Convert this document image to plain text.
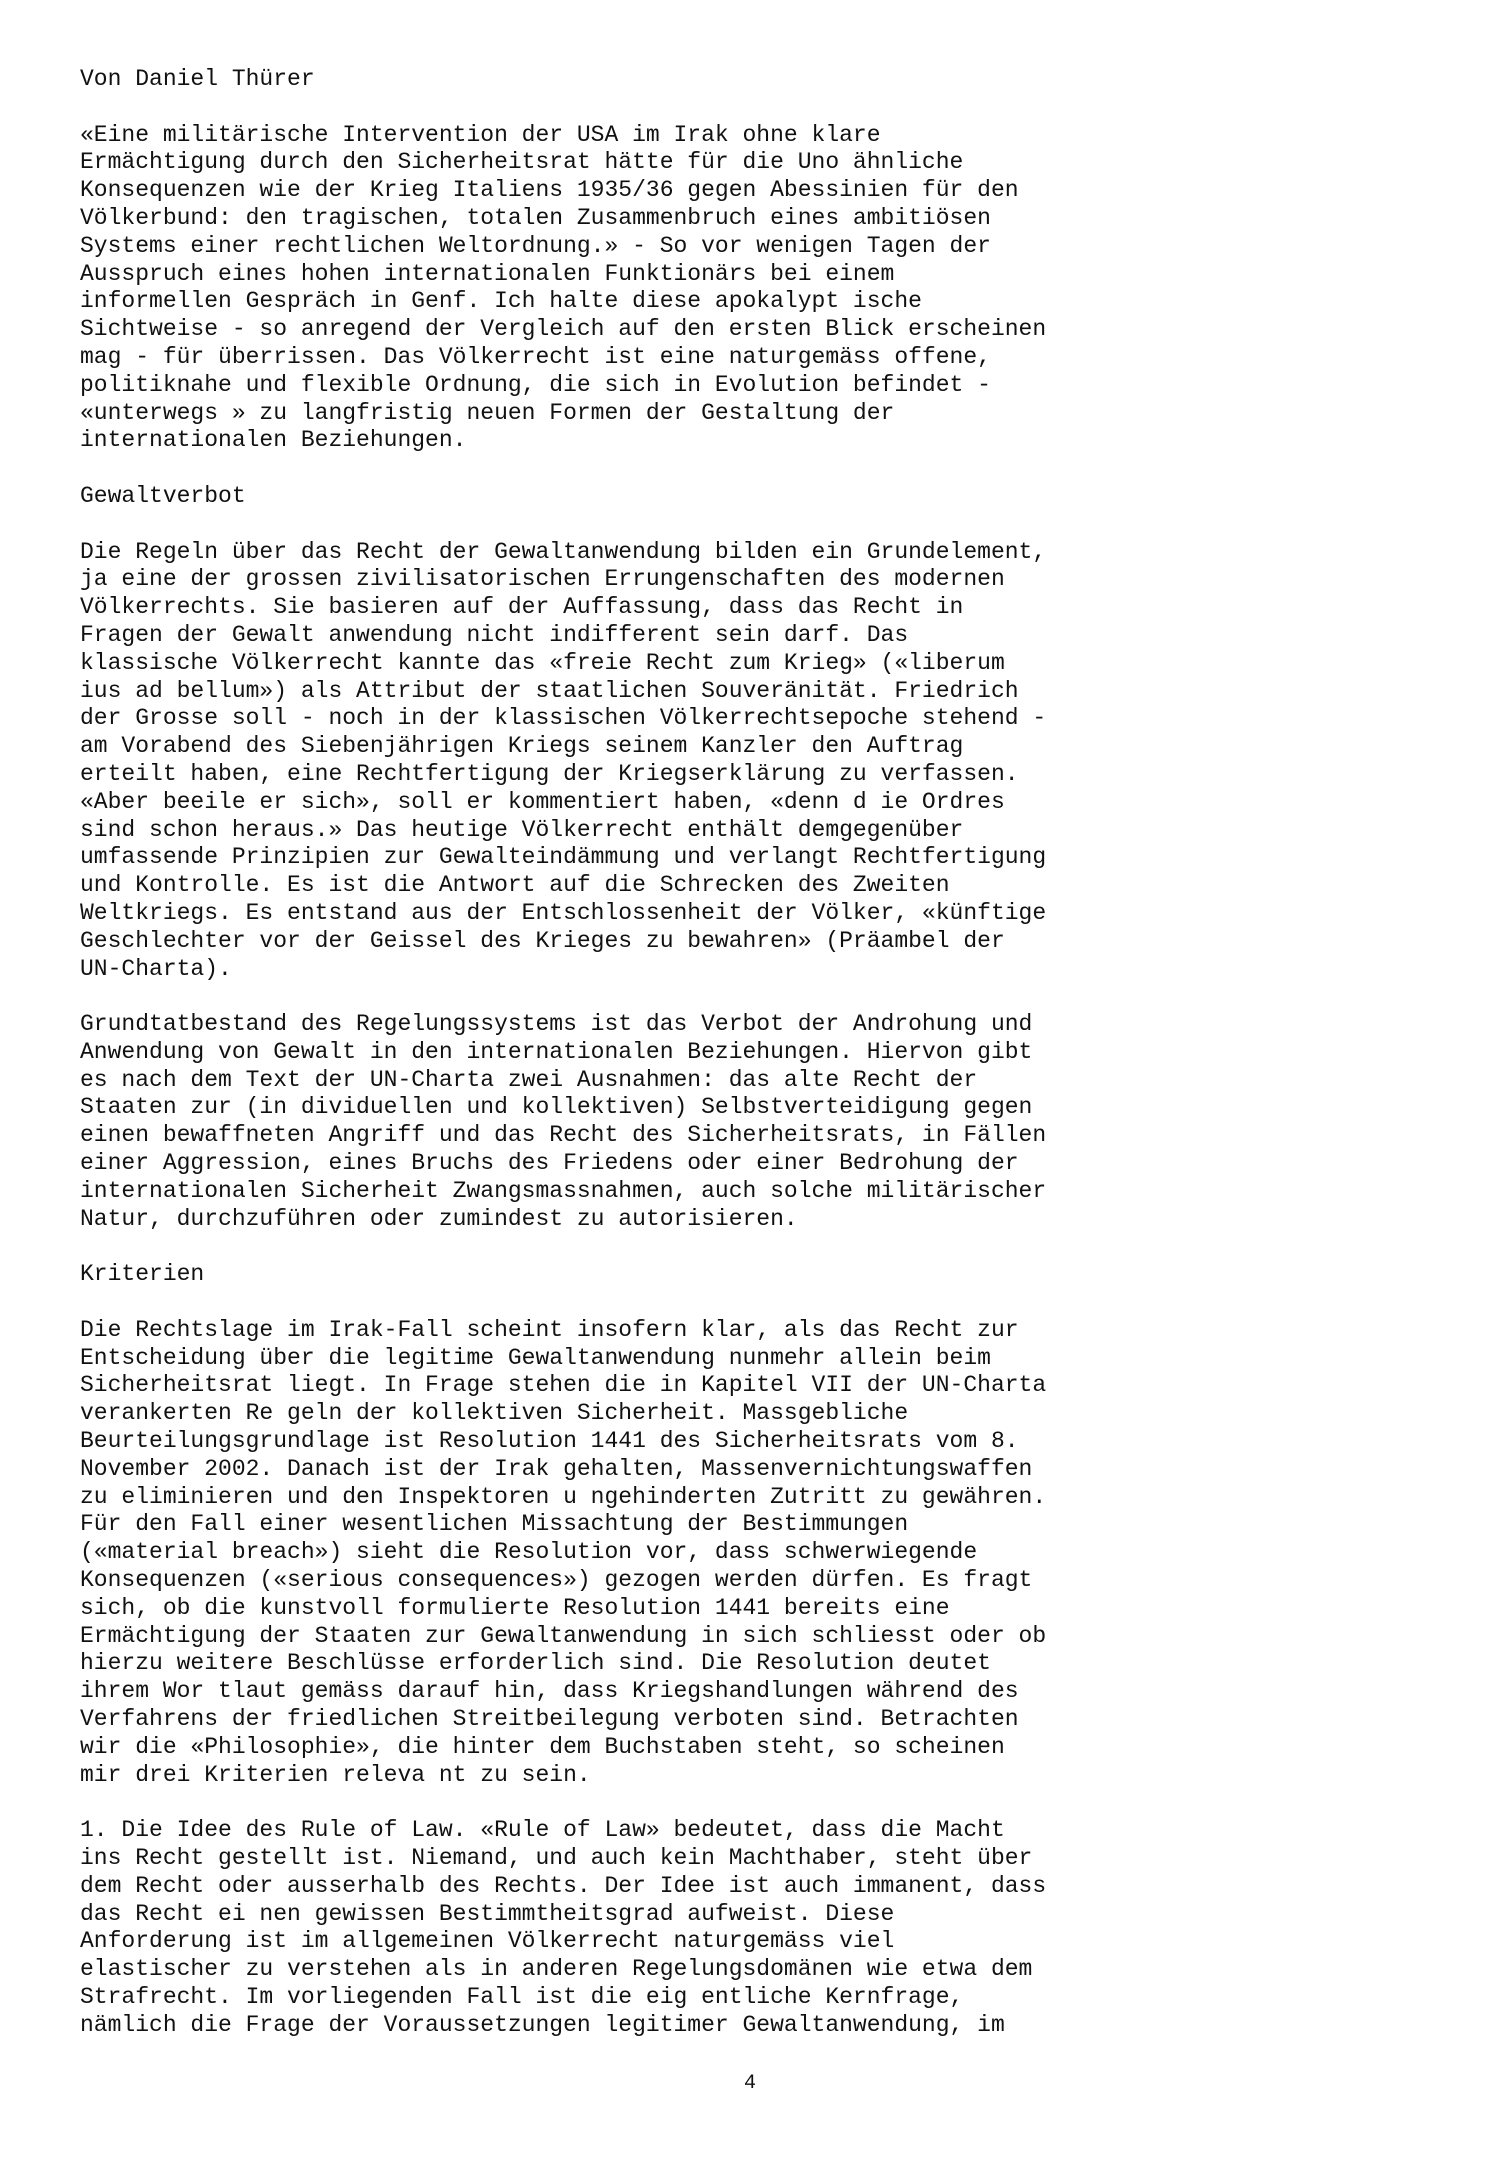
Von Daniel Thürer
«Eine militärische Intervention der USA im Irak ohne klare
Ermächtigung durch den Sicherheitsrat hätte für die Uno ähnliche
Konsequenzen wie der Krieg Italiens 1935/36 gegen Abessinien für den
Völkerbund: den tragischen, totalen Zusammenbruch eines ambitiösen
Systems einer rechtlichen Weltordnung.» - So vor wenigen Tagen der
Ausspruch eines hohen internationalen Funktionärs bei einem
informellen Gespräch in Genf. Ich halte diese apokalypt ische
Sichtweise - so anregend der Vergleich auf den ersten Blick erscheinen
mag - für überrissen. Das Völkerrecht ist eine naturgemäss offene,
politiknahe und flexible Ordnung, die sich in Evolution befindet -
«unterwegs » zu langfristig neuen Formen der Gestaltung der
internationalen Beziehungen.
Gewaltverbot
Die Regeln über das Recht der Gewaltanwendung bilden ein Grundelement,
ja eine der grossen zivilisatorischen Errungenschaften des modernen
Völkerrechts. Sie basieren auf der Auffassung, dass das Recht in
Fragen der Gewalt anwendung nicht indifferent sein darf. Das
klassische Völkerrecht kannte das «freie Recht zum Krieg» («liberum
ius ad bellum») als Attribut der staatlichen Souveränität. Friedrich
der Grosse soll - noch in der klassischen Völkerrechtsepoche stehend -
am Vorabend des Siebenjährigen Kriegs seinem Kanzler den Auftrag
erteilt haben, eine Rechtfertigung der Kriegserklärung zu verfassen.
«Aber beeile er sich», soll er kommentiert haben, «denn d ie Ordres
sind schon heraus.» Das heutige Völkerrecht enthält demgegenüber
umfassende Prinzipien zur Gewalteindämmung und verlangt Rechtfertigung
und Kontrolle. Es ist die Antwort auf die Schrecken des Zweiten
Weltkriegs. Es entstand aus der Entschlossenheit der Völker, «künftige
Geschlechter vor der Geissel des Krieges zu bewahren» (Präambel der
UN-Charta).
Grundtatbestand des Regelungssystems ist das Verbot der Androhung und
Anwendung von Gewalt in den internationalen Beziehungen. Hiervon gibt
es nach dem Text der UN-Charta zwei Ausnahmen: das alte Recht der
Staaten zur (in dividuellen und kollektiven) Selbstverteidigung gegen
einen bewaffneten Angriff und das Recht des Sicherheitsrats, in Fällen
einer Aggression, eines Bruchs des Friedens oder einer Bedrohung der
internationalen Sicherheit Zwangsmassnahmen, auch solche militärischer
Natur, durchzuführen oder zumindest zu autorisieren.
Kriterien
Die Rechtslage im Irak-Fall scheint insofern klar, als das Recht zur
Entscheidung über die legitime Gewaltanwendung nunmehr allein beim
Sicherheitsrat liegt. In Frage stehen die in Kapitel VII der UN-Charta
verankerten Re geln der kollektiven Sicherheit. Massgebliche
Beurteilungsgrundlage ist Resolution 1441 des Sicherheitsrats vom 8.
November 2002. Danach ist der Irak gehalten, Massenvernichtungswaffen
zu eliminieren und den Inspektoren u ngehinderten Zutritt zu gewähren.
Für den Fall einer wesentlichen Missachtung der Bestimmungen
(«material breach») sieht die Resolution vor, dass schwerwiegende
Konsequenzen («serious consequences») gezogen werden dürfen. Es fragt
sich, ob die kunstvoll formulierte Resolution 1441 bereits eine
Ermächtigung der Staaten zur Gewaltanwendung in sich schliesst oder ob
hierzu weitere Beschlüsse erforderlich sind. Die Resolution deutet
ihrem Wor tlaut gemäss darauf hin, dass Kriegshandlungen während des
Verfahrens der friedlichen Streitbeilegung verboten sind. Betrachten
wir die «Philosophie», die hinter dem Buchstaben steht, so scheinen
mir drei Kriterien releva nt zu sein.
1. Die Idee des Rule of Law. «Rule of Law» bedeutet, dass die Macht
ins Recht gestellt ist. Niemand, und auch kein Machthaber, steht über
dem Recht oder ausserhalb des Rechts. Der Idee ist auch immanent, dass
das Recht ei nen gewissen Bestimmtheitsgrad aufweist. Diese
Anforderung ist im allgemeinen Völkerrecht naturgemäss viel
elastischer zu verstehen als in anderen Regelungsdomänen wie etwa dem
Strafrecht. Im vorliegenden Fall ist die eig entliche Kernfrage,
nämlich die Frage der Voraussetzungen legitimer Gewaltanwendung, im
4
